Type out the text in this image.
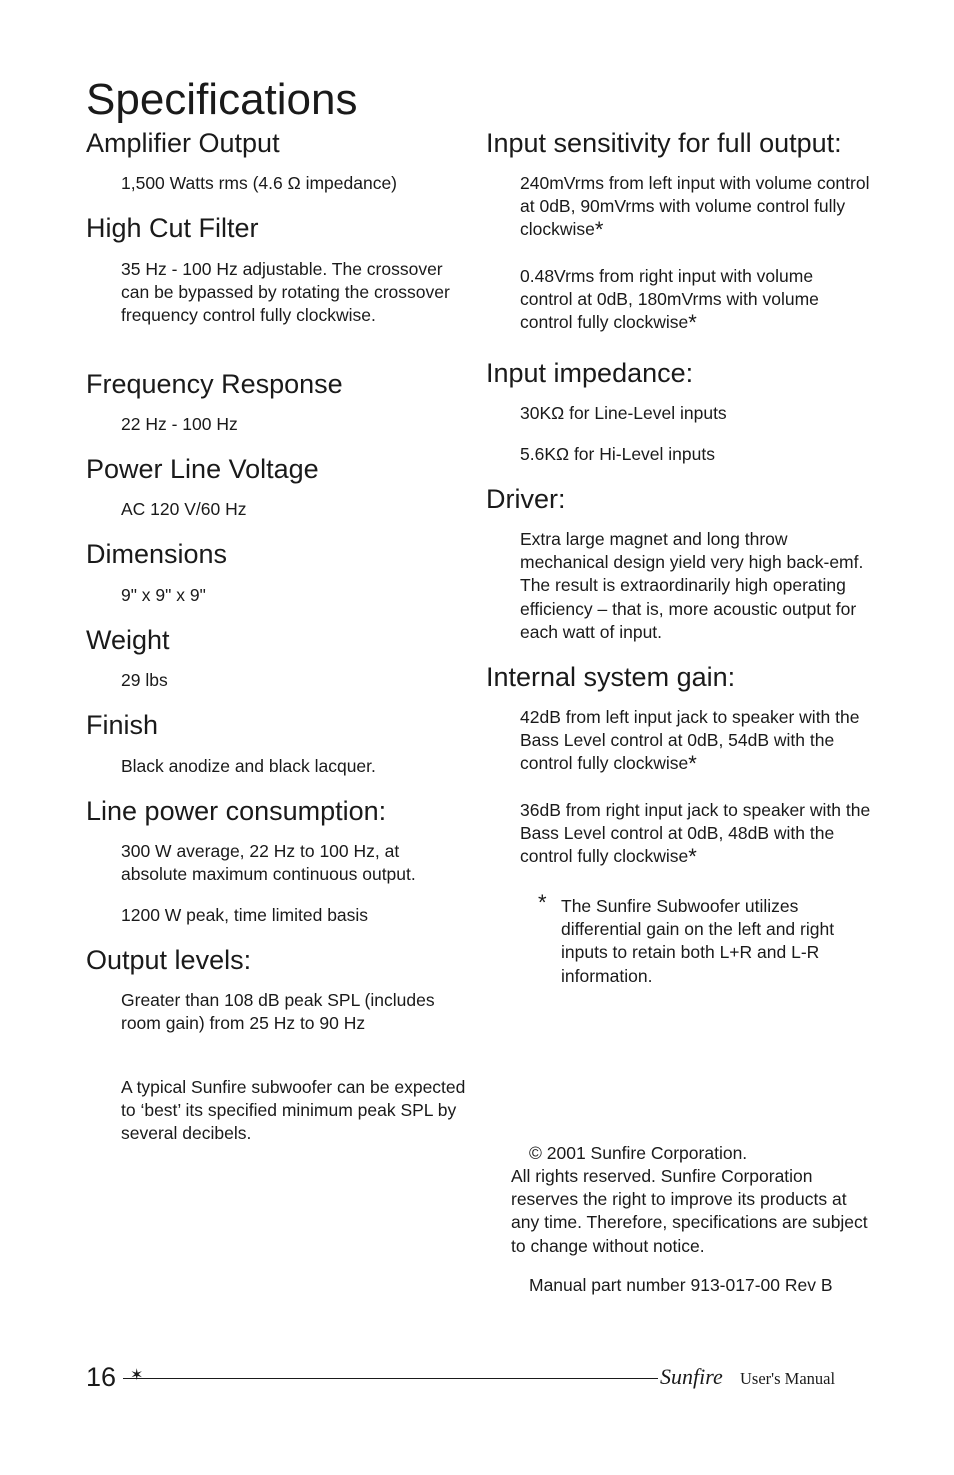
Specifications
Amplifier Output

1,500 Watts rms (4.6 Ω impedance)

High Cut Filter

35 Hz - 100 Hz adjustable. The crossover can be bypassed by rotating the crossover frequency control fully clockwise.

Frequency Response

22 Hz - 100 Hz

Power Line Voltage

AC 120 V/60 Hz

Dimensions

9" x 9" x 9"

Weight

29 lbs

Finish

Black anodize and black lacquer.

Line power consumption:

300 W average, 22 Hz to 100 Hz, at absolute maximum continuous output.

1200 W peak, time limited basis

Output levels:

Greater than 108 dB peak SPL (includes room gain) from 25 Hz to 90 Hz

A typical Sunfire subwoofer can be expected to ‘best’ its specified minimum peak SPL by several decibels.

Input sensitivity for full output:

240mVrms from left input with volume control at 0dB, 90mVrms with volume control fully clockwise*

0.48Vrms from right input with volume control at 0dB, 180mVrms with volume control fully clockwise*

Input impedance:

30KΩ for Line-Level inputs

5.6KΩ for Hi-Level inputs

Driver:

Extra large magnet and long throw mechanical design yield very high back-emf. The result is extraordinarily high operating efficiency – that is, more acoustic output for each watt of input.

Internal system gain:

42dB from left input jack to speaker with the Bass Level control at 0dB, 54dB with the control fully clockwise*

36dB from right input jack to speaker with the Bass Level control at 0dB, 48dB with the control fully clockwise*

* The Sunfire Subwoofer utilizes differential gain on the left and right inputs to retain both L+R and L-R information.

© 2001 Sunfire Corporation.

All rights reserved. Sunfire Corporation reserves the right to improve its products at any time. Therefore, specifications are subject to change without notice.

Manual part number 913-017-00 Rev B

16 ✶	Sunfire User's Manual
